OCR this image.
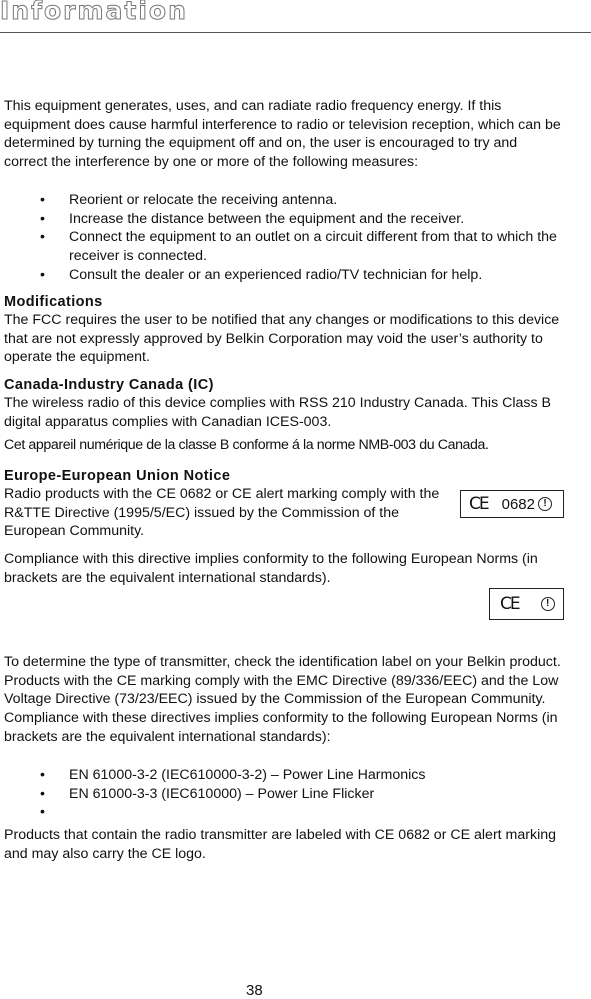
Information

This equipment generates, uses, and can radiate radio frequency energy. If this equipment does cause harmful interference to radio or television reception, which can be determined by turning the equipment off and on, the user is encouraged to try and correct the interference by one or more of the following measures:

• Reorient or relocate the receiving antenna.
• Increase the distance between the equipment and the receiver.
• Connect the equipment to an outlet on a circuit different from that to which the receiver is connected.
• Consult the dealer or an experienced radio/TV technician for help.
Modifications

The FCC requires the user to be notified that any changes or modifications to this device that are not expressly approved by Belkin Corporation may void the user’s authority to operate the equipment.

Canada-Industry Canada (IC)

The wireless radio of this device complies with RSS 210 Industry Canada. This Class B digital apparatus complies with Canadian ICES-003.

Cet appareil numérique de la classe B conforme á la norme NMB-003 du Canada.

Europe-European Union Notice

Radio products with the CE 0682 or CE alert marking comply with the R&TTE Directive (1995/5/EC) issued by the Commission of the European Community.

CE 0682 !

Compliance with this directive implies conformity to the following European Norms (in brackets are the equivalent international standards).

CE	!

To determine the type of transmitter, check the identification label on your Belkin product. Products with the CE marking comply with the EMC Directive (89/336/EEC) and the Low Voltage Directive (73/23/EEC) issued by the Commission of the European Community. Compliance with these directives implies conformity to the following European Norms (in brackets are the equivalent international standards):

• EN 61000-3-2 (IEC610000-3-2) – Power Line Harmonics
• EN 61000-3-3 (IEC610000) – Power Line Flicker
•

Products that contain the radio transmitter are labeled with CE 0682 or CE alert marking and may also carry the CE logo.

38
